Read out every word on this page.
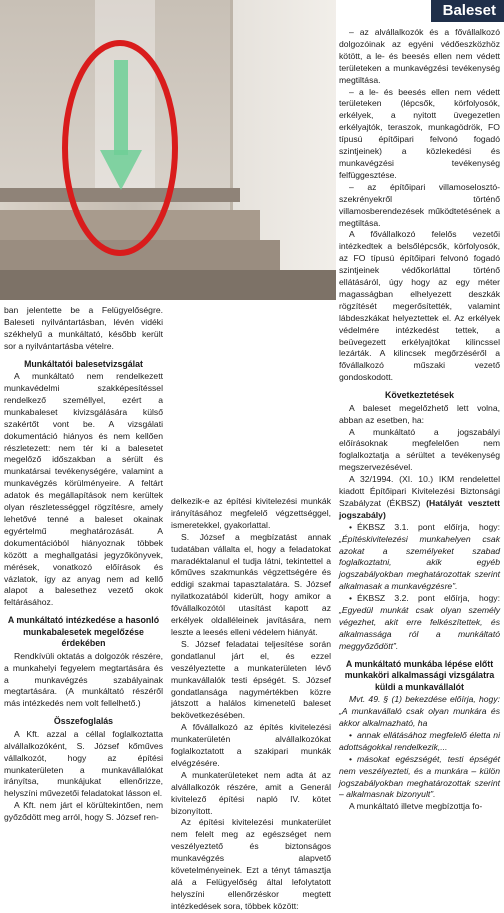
Baleset

ban jelentette be a Felügyelőségre. Baleseti nyilvántartásban, lévén vidéki székhelyű a munkáltató, később került sor a nyilvántartásba vételre.

Munkáltatói balesetvizsgálat

A munkáltató nem rendelkezett munkavédelmi szakképesítéssel rendelkező személlyel, ezért a munkabaleset kivizsgálására külső szakértőt vont be. A vizsgálati dokumentáció hiányos és nem kellően részletezett: nem tér ki a balesetet megelőző időszakban a sérült és munkatársai tevékenységére, valamint a munkavégzés körülményeire. A feltárt adatok és megállapítások nem kerültek olyan részletességgel rögzítésre, amely lehetővé tenné a baleset okainak egyértelmű meghatározását. A dokumentációból hiányoznak többek között a meghallgatási jegyzőkönyvek, mérések, vonatkozó előírások és vázlatok, így az anyag nem ad kellő alapot a balesethez vezető okok feltárásához.

A munkáltató intézkedése a hasonló munkabalesetek megelőzése érdekében

Rendkívüli oktatás a dolgozók részére, a munkahelyi fegyelem megtartására és a munkavégzés szabályainak megtartására. (A munkáltató részéről más intézkedés nem volt fellelhető.)

Összefoglalás

A Kft. azzal a céllal foglalkoztatta alvállalkozóként, S. József kőműves vállalkozót, hogy az építési munkaterületen a munkavállalókat irányítsa, munkájukat ellenőrizze, helyszíni művezetői feladatokat lásson el.

A Kft. nem járt el körültekintően, nem győződött meg arról, hogy S. József ren-

delkezik-e az építési kivitelezési munkák irányításához megfelelő végzettséggel, ismeretekkel, gyakorlattal.

S. József a megbízatást annak tudatában vállalta el, hogy a feladatokat maradéktalanul el tudja látni, tekintettel a kőműves szakmunkás végzettségére és eddigi szakmai tapasztalatára. S. József nyilatkozatából kiderült, hogy amikor a fővállalkozótól utasítást kapott az erkélyek oldalléleinek javítására, nem leszte a leesés elleni védelem hiányát.

S. József feladatai teljesítése során gondatlanul járt el, és ezzel veszélyeztette a munkaterületen lévő munkavállalók testi épségét. S. József gondatlansága nagymértékben közre játszott a halálos kimenetelű baleset bekövetkezésében.

A fővállalkozó az építés kivitelezési munkaterületén alvállalkozókat foglalkoztatott a szakipari munkák elvégzésére.

A munkaterületeket nem adta át az alvállalkozók részére, amit a Generál kivitelező építési napló IV. kötet bizonyított.

Az építési kivitelezési munkaterület nem felelt meg az egészséget nem veszélyeztető és biztonságos munkavégzés alapvető követelményeinek. Ezt a tényt támasztja alá a Felügyelőség által lefolytatott helyszíni ellenőrzéskor megtett intézkedések sora, többek között:

– az alvállalkozók és a fővállalkozó dolgozóinak az egyéni védőeszközhöz kötött, a le- és beesés ellen nem védett területeken a munkavégzési tevékenység megtiltása.

– a le- és beesés ellen nem védett területeken (lépcsők, körfolyosók, erkélyek, a nyitott üvegezetlen erkélyajtók, teraszok, munkagödrök, FO típusú építőipari felvonó fogadó szintjeinek) a közlekedési és munkavégzési tevékenység felfüggesztése.

– az építőipari villamoselosztó-szekrényekről történő villamosberendezések működtetésének a megtiltása.

A fővállalkozó felelős vezetői intézkedtek a belsőlépcsők, körfolyosók, az FO típusú építőipari felvonó fogadó szintjeinek védőkorláttal történő ellátásáról, úgy hogy az egy méter magasságban elhelyezett deszkák rögzítését megerősítették, valamint lábdeszkákat helyeztettek el. Az erkélyek védelmére intézkedést tettek, a beüvegezett erkélyajtókat kilincssel lezárták. A kilincsek megőrzéséről a fővállalkozó műszaki vezető gondoskodott.

Következtetések

A baleset megelőzhető lett volna, abban az esetben, ha:

A munkáltató a jogszabályi előírásoknak megfelelően nem foglalkoztatja a sérültet a tevékenység megszervezésével.

A 32/1994. (XI. 10.) IKM rendelettel kiadott Építőipari Kivitelezési Biztonsági Szabályzat (ÉKBSZ) (Hatályát vesztett jogszabály)

• ÉKBSZ 3.1. pont előírja, hogy: „Építéskivitelezési munkahelyen csak azokat a személyeket szabad foglalkoztatni, akik egyéb jogszabályokban meghatározottak szerint alkalmasak a munkavégzésre”.

• ÉKBSZ 3.2. pont előírja, hogy: „Egyedül munkát csak olyan személy végezhet, akit erre felkészítettek, és alkalmassága ról a munkáltató meggyőződött”.

A munkáltató munkába lépése előtt munkaköri alkalmassági vizsgálatra küldi a munkavállalót

Mvt. 49. § (1) bekezdése előírja, hogy: „A munkavállaló csak olyan munkára és akkor alkalmazható, ha

• annak ellátásához megfelelő életta ni adottságokkal rendelkezik,...

• másokat egészségét, testi épségét nem veszélyezteti, és a munkára – külön jogszabályokban meghatározottak szerint – alkalmasnak bizonyult”.

A munkáltató illetve megbízottja fo-
